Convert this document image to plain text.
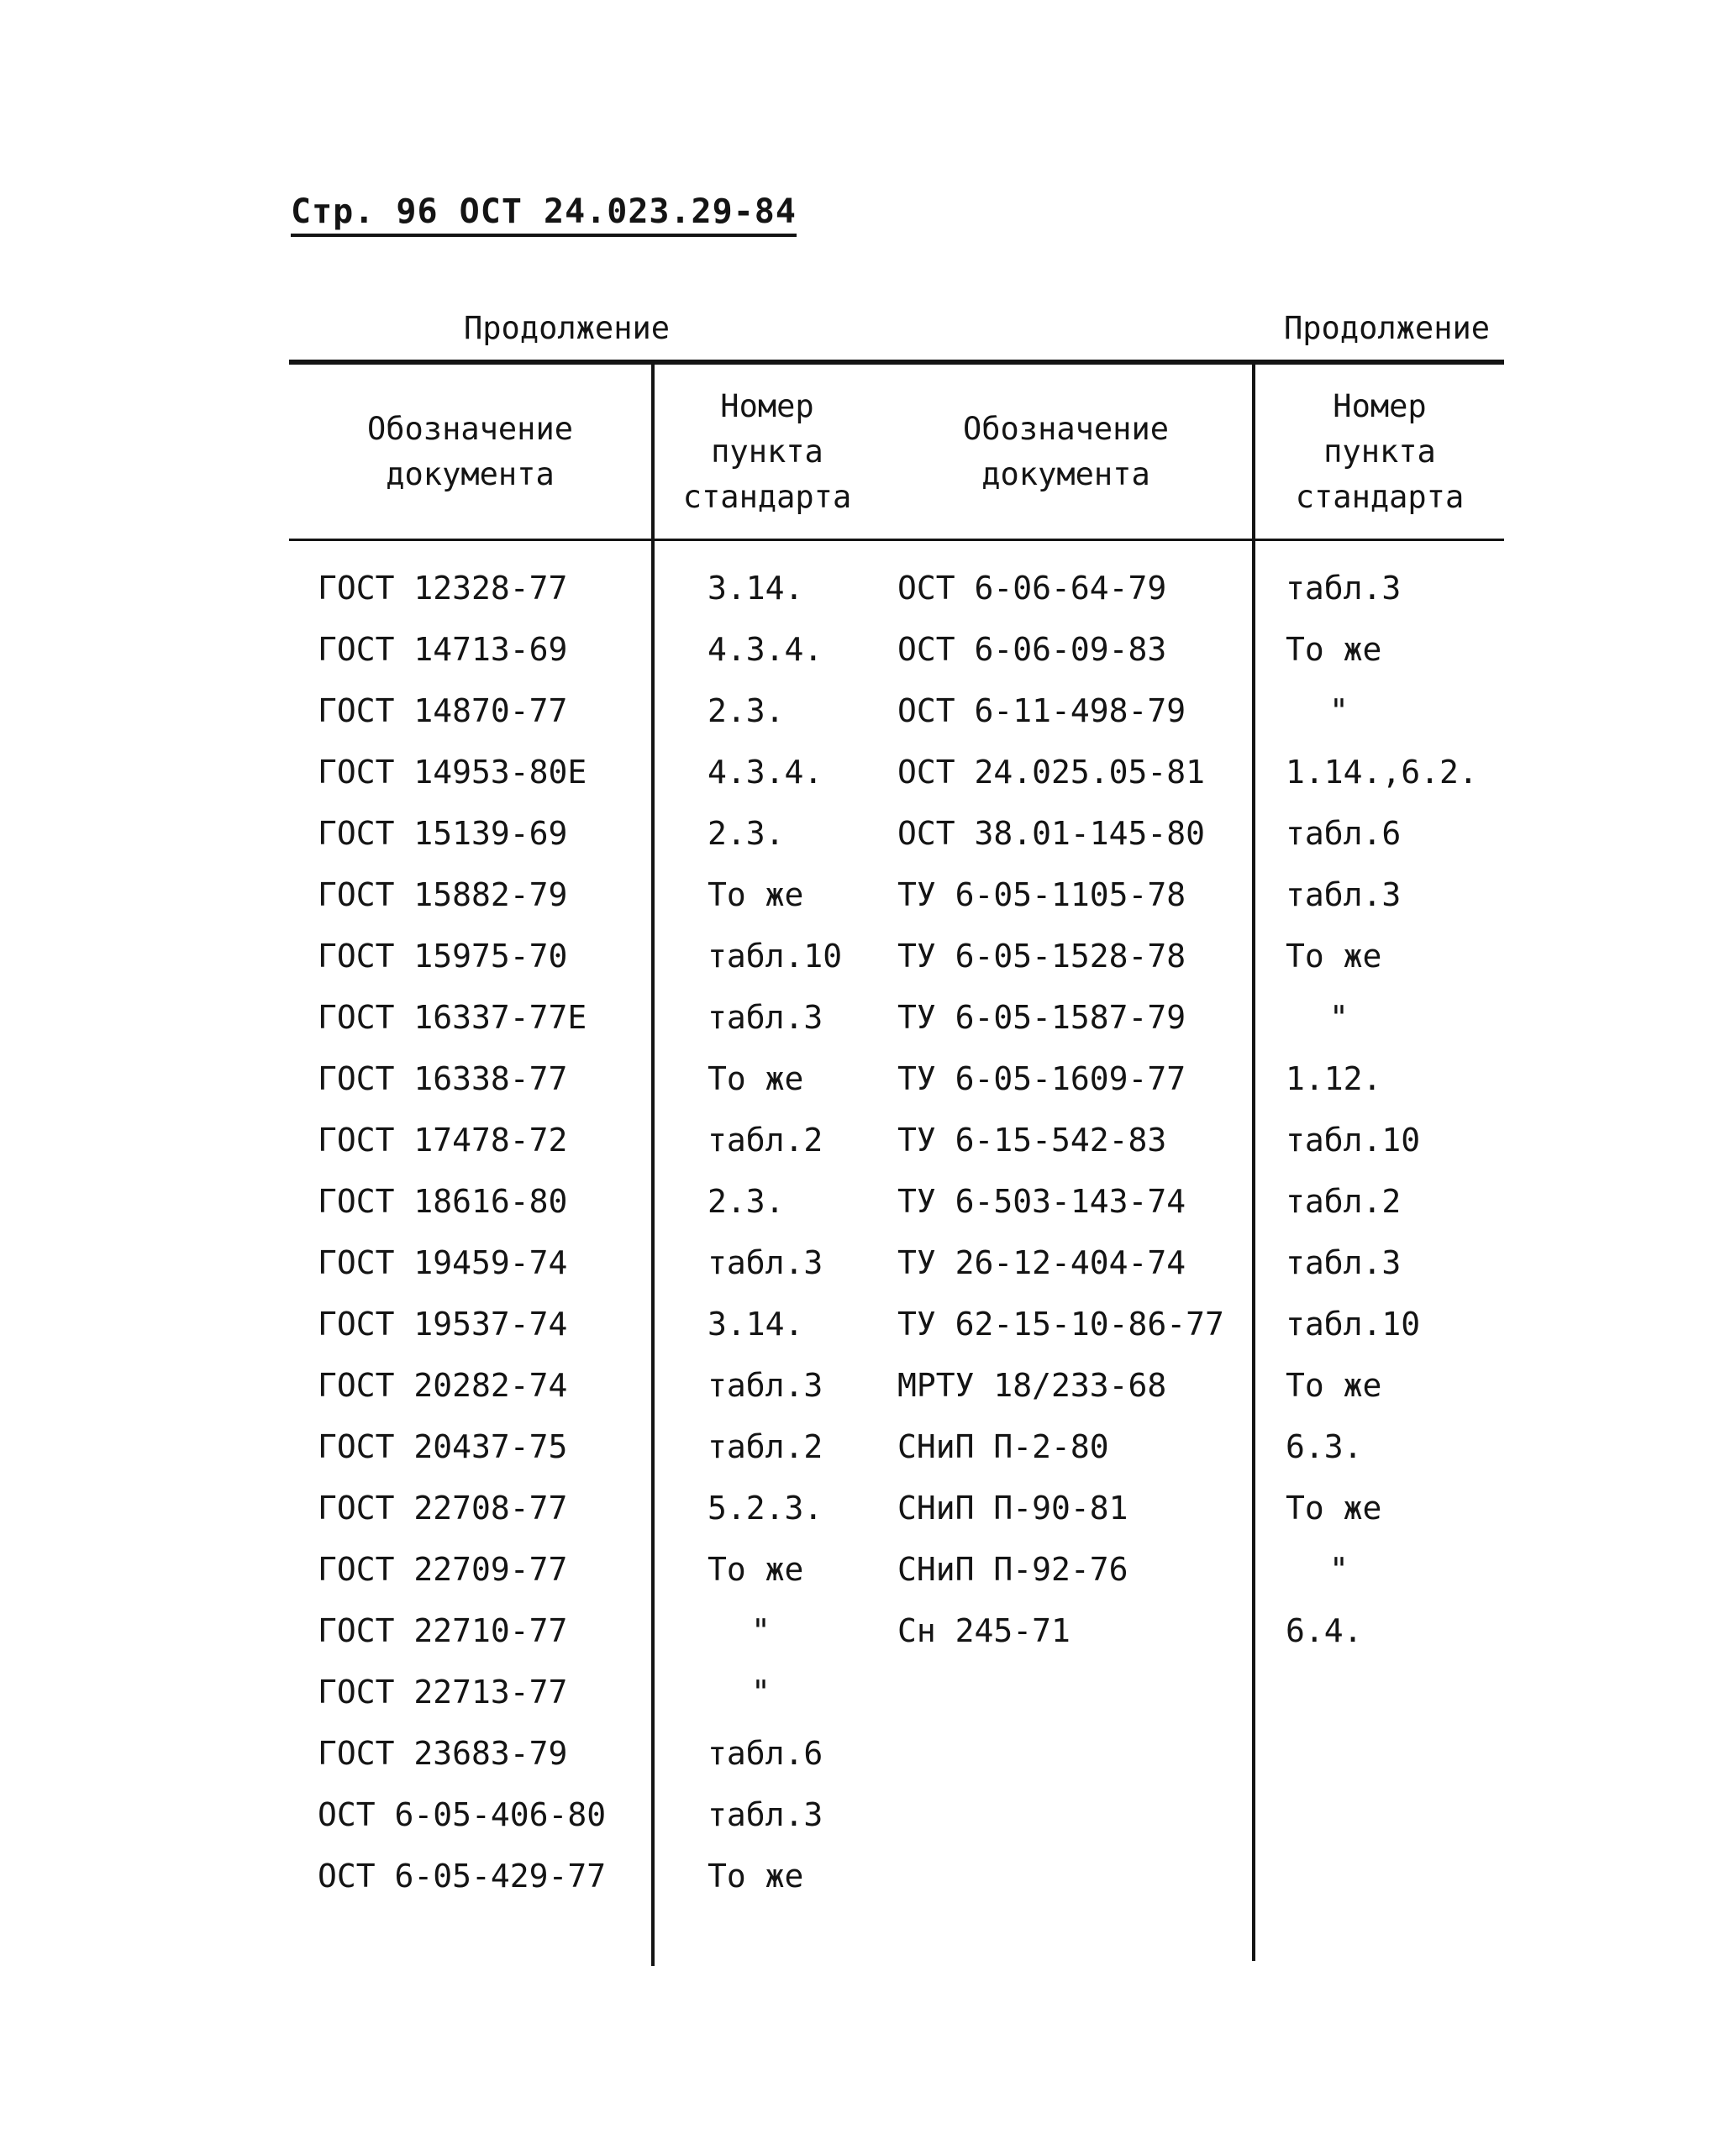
Стр. 96 ОСТ 24.023.29-84
Продолжение	Продолжение
Обозначение
документа
Номер
пункта
стандарта
Обозначение
документа
Номер
пункта
стандарта
ГОСТ 12328-77	3.14.	ОСТ 6-06-64-79	табл.3
ГОСТ 14713-69	4.3.4. ОСТ 6-06-09-83	То же
ГОСТ 14870-77	2.3.	ОСТ 6-11-498-79	"
ГОСТ 14953-80Е	4.3.4. ОСТ 24.025.05-81	1.14.,6.2.
ГОСТ 15139-69	2.3.	ОСТ 38.01-145-80	табл.6
ГОСТ 15882-79	То же	ТУ 6-05-1105-78	табл.3
ГОСТ 15975-70	табл.10 ТУ 6-05-1528-78	То же
ГОСТ 16337-77Е	табл.3 ТУ 6-05-1587-79	"
ГОСТ 16338-77	То же	ТУ 6-05-1609-77	1.12.
ГОСТ 17478-72	табл.2 ТУ 6-15-542-83	табл.10
ГОСТ 18616-80	2.3.	ТУ 6-503-143-74	табл.2
ГОСТ 19459-74	табл.3 ТУ 26-12-404-74	табл.3
ГОСТ 19537-74	3.14.	ТУ 62-15-10-86-77 табл.10
ГОСТ 20282-74	табл.3 МРТУ 18/233-68	То же
ГОСТ 20437-75	табл.2 СНиП П-2-80	6.3.
ГОСТ 22708-77	5.2.3. СНиП П-90-81	То же
ГОСТ 22709-77	То же	СНиП П-92-76	"
ГОСТ 22710-77	"	Сн 245-71	6.4.
ГОСТ 22713-77	"
ГОСТ 23683-79	табл.6
ОСТ 6-05-406-80	табл.3
ОСТ 6-05-429-77	То же
